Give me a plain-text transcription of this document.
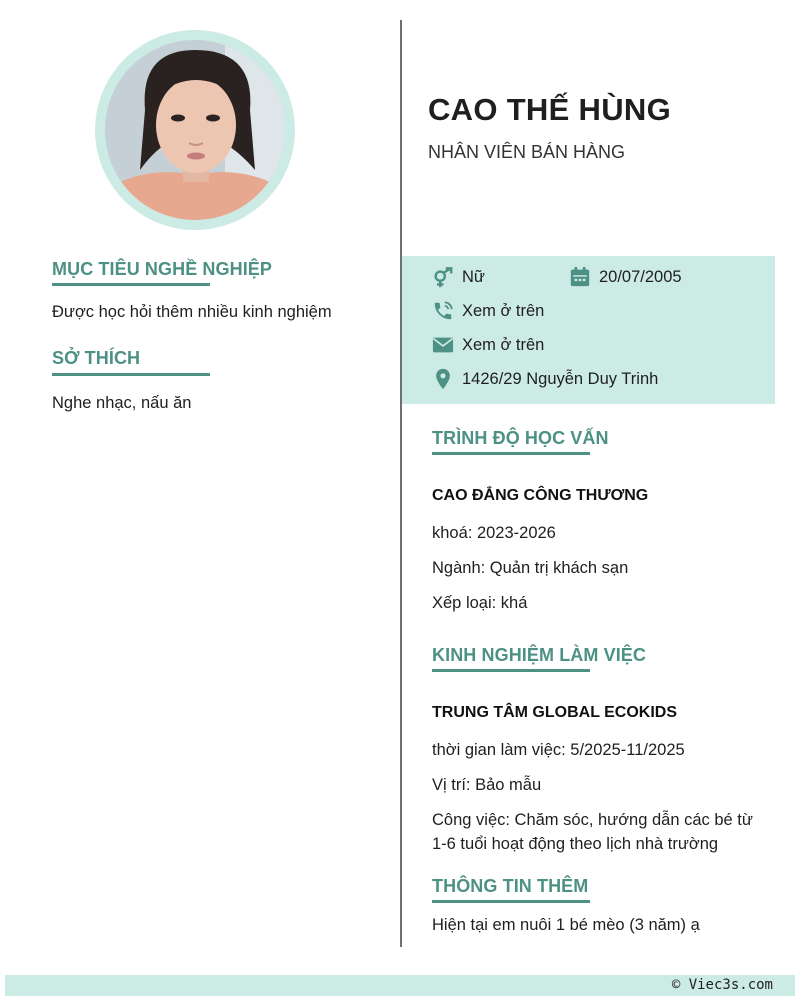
MỤC TIÊU NGHỀ NGHIỆP
Được học hỏi thêm nhiều kinh nghiệm
SỞ THÍCH
Nghe nhạc, nấu ăn
CAO THẾ HÙNG
NHÂN VIÊN BÁN HÀNG
Nữ	20/07/2005
Xem ở trên
Xem ở trên
1426/29 Nguyễn Duy Trinh
TRÌNH ĐỘ HỌC VẤN
CAO ĐẲNG CÔNG THƯƠNG
khoá: 2023-2026
Ngành: Quản trị khách sạn
Xếp loại: khá
KINH NGHIỆM LÀM VIỆC
TRUNG TÂM GLOBAL ECOKIDS
thời gian làm việc: 5/2025-11/2025
Vị trí: Bảo mẫu
Công việc: Chăm sóc, hướng dẫn các bé từ
1-6 tuổi hoạt động theo lịch nhà trường
THÔNG TIN THÊM
Hiện tại em nuôi 1 bé mèo (3 năm) ạ
© Viec3s.com
